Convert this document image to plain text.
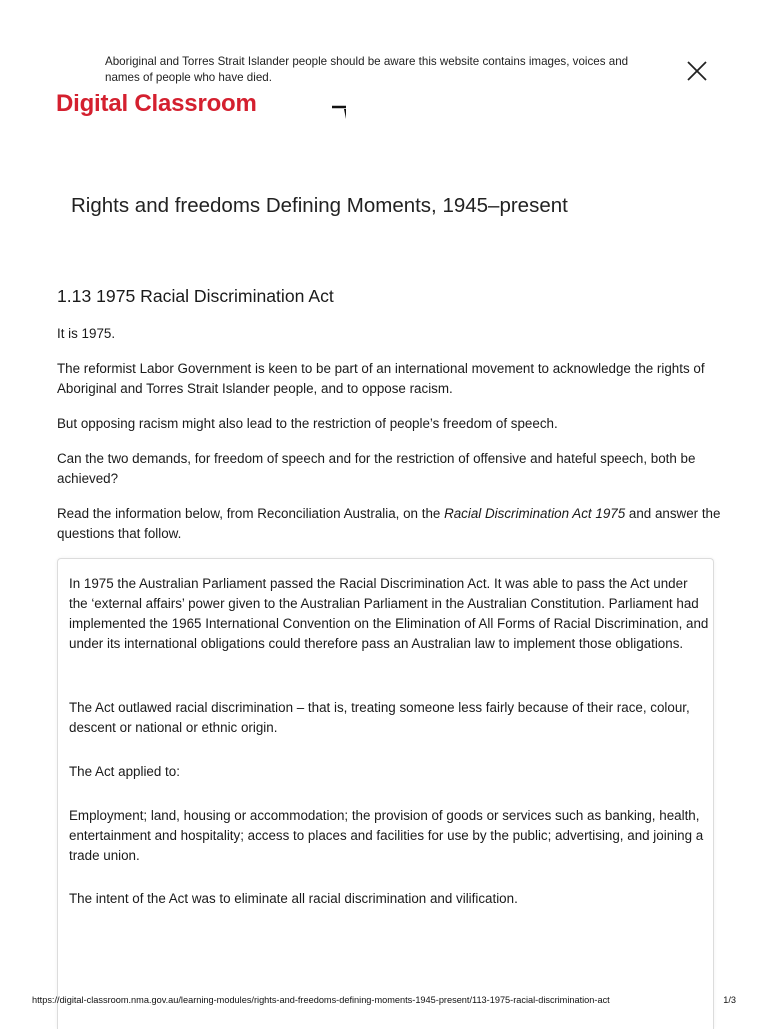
Aboriginal and Torres Strait Islander people should be aware this website contains images, voices and names of people who have died.
Digital Classroom
Rights and freedoms Defining Moments, 1945–present
1.13 1975 Racial Discrimination Act
It is 1975.
The reformist Labor Government is keen to be part of an international movement to acknowledge the rights of Aboriginal and Torres Strait Islander people, and to oppose racism.
But opposing racism might also lead to the restriction of people’s freedom of speech.
Can the two demands, for freedom of speech and for the restriction of offensive and hateful speech, both be achieved?
Read the information below, from Reconciliation Australia, on the Racial Discrimination Act 1975 and answer the questions that follow.
In 1975 the Australian Parliament passed the Racial Discrimination Act. It was able to pass the Act under the ‘external affairs’ power given to the Australian Parliament in the Australian Constitution. Parliament had implemented the 1965 International Convention on the Elimination of All Forms of Racial Discrimination, and under its international obligations could therefore pass an Australian law to implement those obligations.
The Act outlawed racial discrimination – that is, treating someone less fairly because of their race, colour, descent or national or ethnic origin.
The Act applied to:
Employment; land, housing or accommodation; the provision of goods or services such as banking, health, entertainment and hospitality; access to places and facilities for use by the public; advertising, and joining a trade union.
The intent of the Act was to eliminate all racial discrimination and vilification.
https://digital-classroom.nma.gov.au/learning-modules/rights-and-freedoms-defining-moments-1945-present/113-1975-racial-discrimination-act	1/3
